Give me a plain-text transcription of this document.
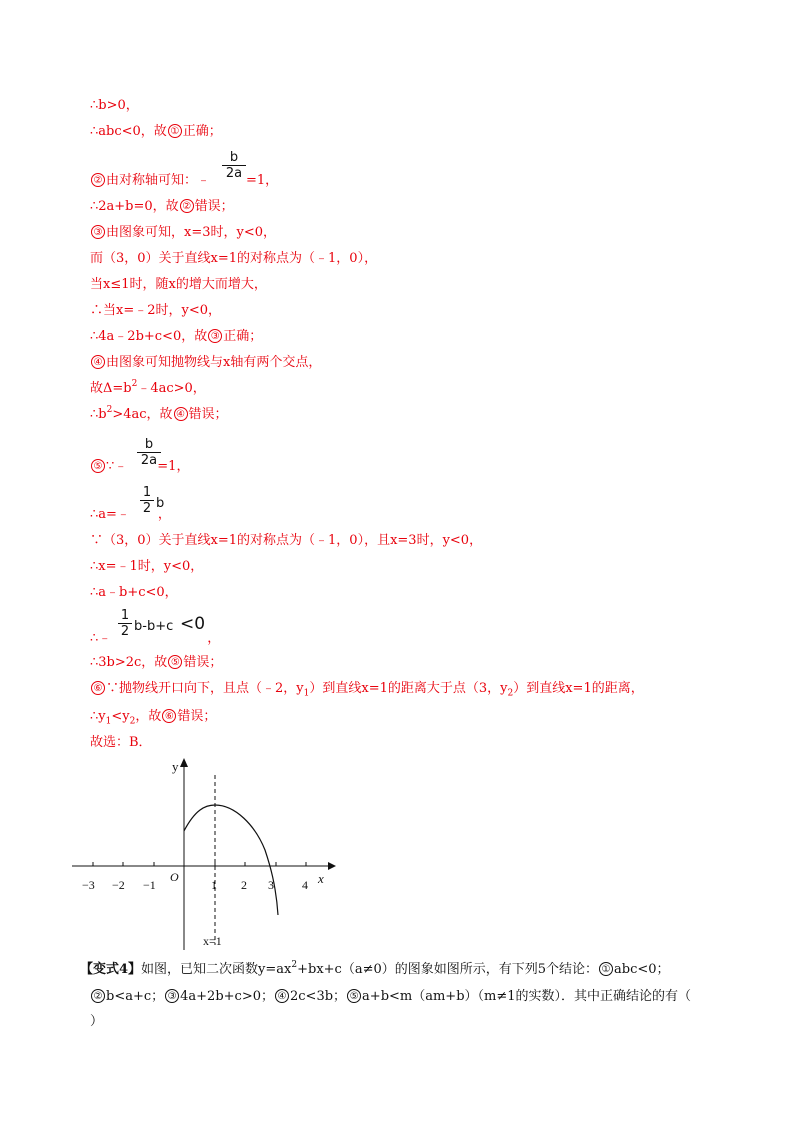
∴b>0，
∴abc<0，故 ① 正确；
b
2a
② 由对称轴可知：﹣	=1，
∴2a+b=0，故 ② 错误；
③ 由图象可知，x=3时，y<0，
而（3，0）关于直线x=1的对称点为（﹣1，0），
当x≤1时，随x的增大而增大，
∴当x=﹣2时，y<0，
∴4a﹣2b+c<0，故 ③ 正确；
④ 由图象可知抛物线与x轴有两个交点，
故$\Delta=b^2﹣4ac>0$，
$\therefore b^2>4ac$，故 ④ 错误；
b
2a
⑤ ∵﹣ =1，
1
2 b
∴a=﹣ ，
∵（3，0）关于直线x=1的对称点为（﹣1，0），且x=3时，y<0，
∴x=﹣1时，y<0，
∴a﹣b+c<0，
1
2 b-b+c <0
∴﹣	，
∴3b>2c，故 ⑤ 错误；
⑥ ∵抛物线开口向下，且点（﹣2，$y_1$）到直线x=1的距离大于点（3，$y_2$）到直线x=1的距离，
$\therefore y_1<y_2$，故 ⑥ 错误；
故选：B．
y
x
O
−3 −2 −1	1 2 3 4
x=1
【变式4】如图，已知二次函数$y=ax^2+bx+c(a\ne 0)$的图象如图所示，有下列5个结论： ① abc<0；
② b<a+c； ③ 4a+2b+c>0； ④ 2c<3b； ⑤ a+b<m（am+b）（m≠1的实数）．其中正确结论的有（
）
